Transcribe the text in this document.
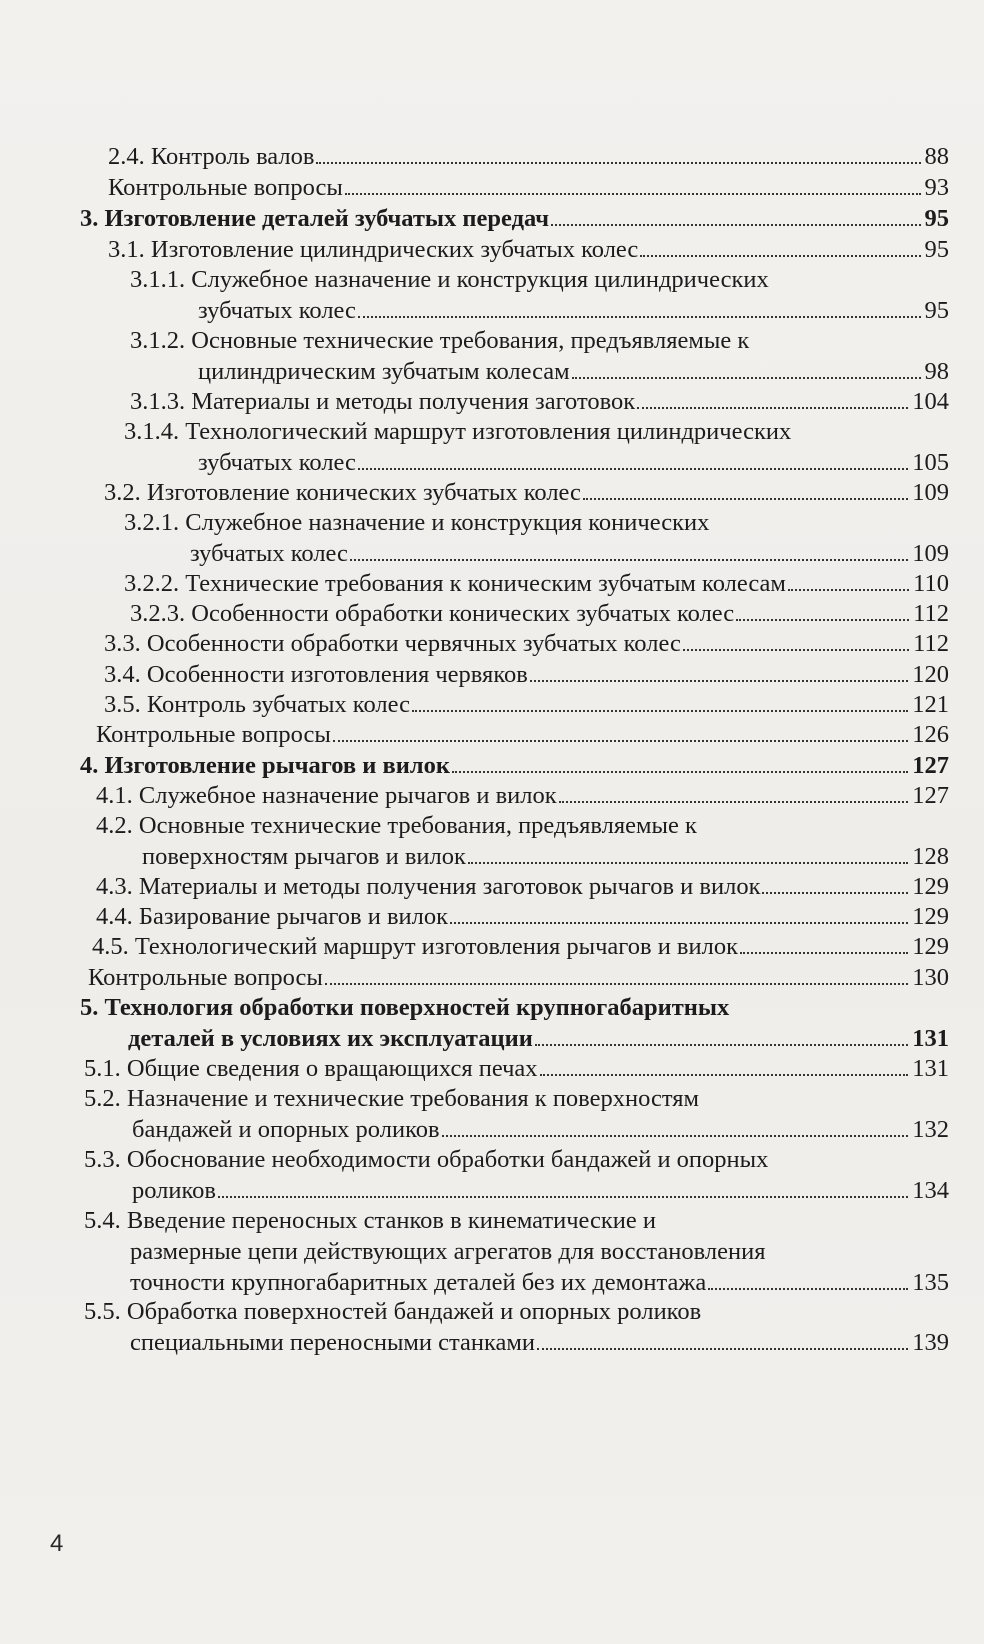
2.4. Контроль валов	88
Контрольные вопросы	93
3. Изготовление деталей зубчатых передач	95
3.1. Изготовление цилиндрических зубчатых колес	95
3.1.1. Служебное назначение и конструкция цилиндрических
зубчатых колес	95
3.1.2. Основные технические требования, предъявляемые к
цилиндрическим зубчатым колесам	98
3.1.3. Материалы и методы получения заготовок	104
3.1.4. Технологический маршрут изготовления цилиндрических
зубчатых колес	105
3.2. Изготовление конических зубчатых колес	109
3.2.1. Служебное назначение и конструкция конических
зубчатых колес	109
3.2.2. Технические требования к коническим зубчатым колесам	110
3.2.3. Особенности обработки конических зубчатых колес	112
3.3. Особенности обработки червячных зубчатых колес	112
3.4. Особенности изготовления червяков	120
3.5. Контроль зубчатых колес	121
Контрольные вопросы	126
4. Изготовление рычагов и вилок	127
4.1. Служебное назначение рычагов и вилок	127
4.2. Основные технические требования, предъявляемые к
поверхностям рычагов и вилок	128
4.3. Материалы и методы получения заготовок рычагов и вилок	129
4.4. Базирование рычагов и вилок	129
4.5. Технологический маршрут изготовления рычагов и вилок	129
Контрольные вопросы	130
5. Технология обработки поверхностей крупногабаритных
деталей в условиях их эксплуатации	131
5.1. Общие сведения о вращающихся печах	131
5.2. Назначение и технические требования к поверхностям
бандажей и опорных роликов	132
5.3. Обоснование необходимости обработки бандажей и опорных
роликов	134
5.4. Введение переносных станков в кинематические и
размерные цепи действующих агрегатов для восстановления
точности крупногабаритных деталей без их демонтажа	135
5.5. Обработка поверхностей бандажей и опорных роликов
специальными переносными станками	139
4
